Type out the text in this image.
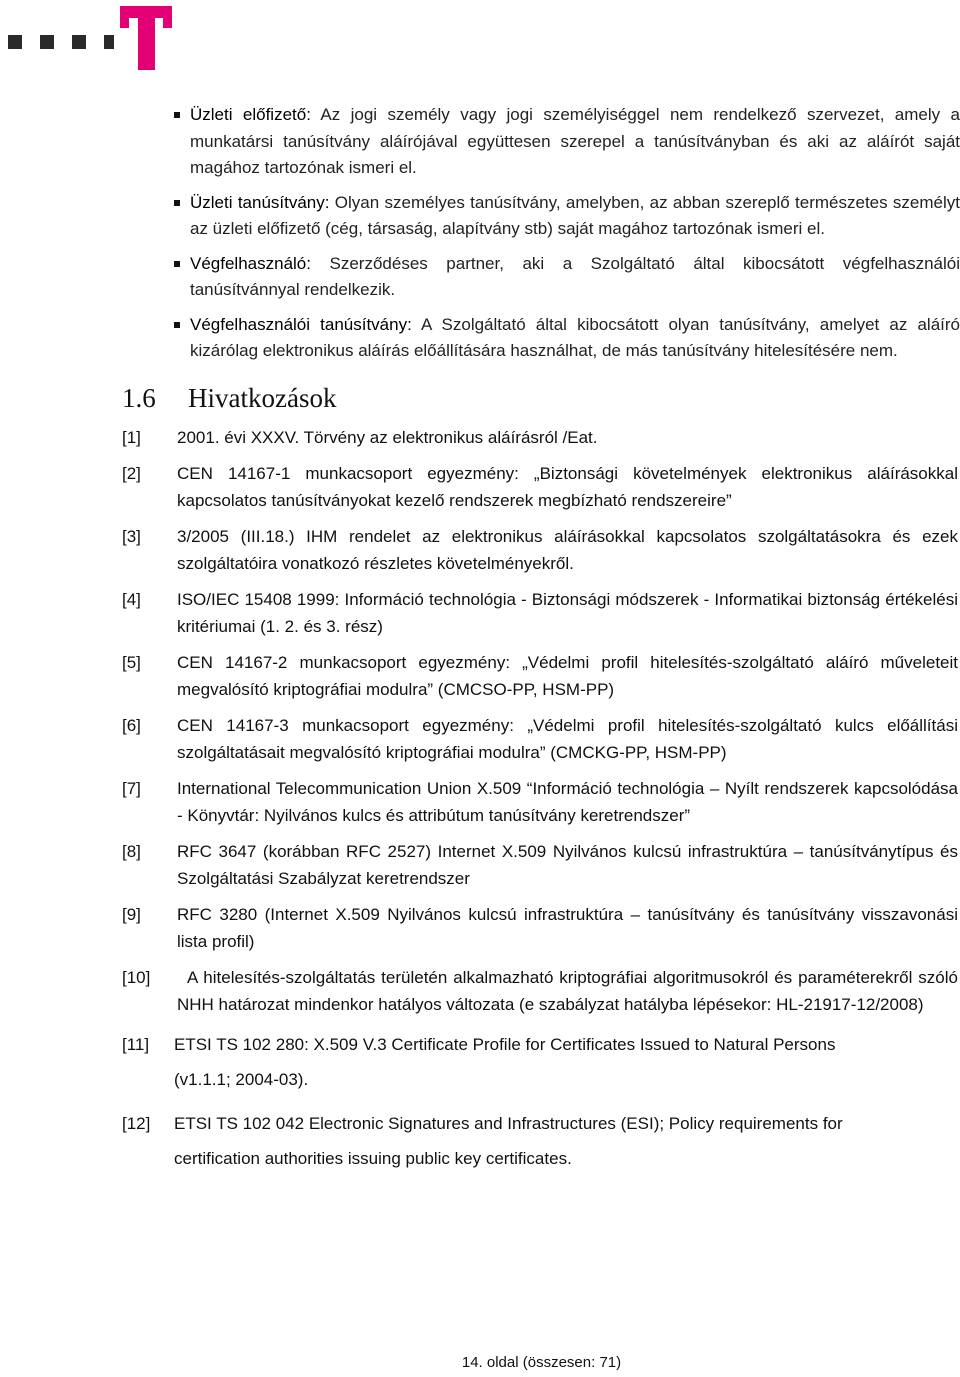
Üzleti előfizető: Az jogi személy vagy jogi személyiséggel nem rendelkező szervezet, amely a munkatársi tanúsítvány aláírójával együttesen szerepel a tanúsítványban és aki az aláírót saját magához tartozónak ismeri el.
Üzleti tanúsítvány: Olyan személyes tanúsítvány, amelyben, az abban szereplő természetes személyt az üzleti előfizető (cég, társaság, alapítvány stb) saját magához tartozónak ismeri el.
Végfelhasználó: Szerződéses partner, aki a Szolgáltató által kibocsátott végfelhasználói tanúsítvánnyal rendelkezik.
Végfelhasználói tanúsítvány: A Szolgáltató által kibocsátott olyan tanúsítvány, amelyet az aláíró kizárólag elektronikus aláírás előállítására használhat, de más tanúsítvány hitelesítésére nem.
1.6 Hivatkozások
[1]	2001. évi XXXV. Törvény az elektronikus aláírásról /Eat.
[2]	CEN 14167-1 munkacsoport egyezmény: „Biztonsági követelmények elektronikus aláírásokkal kapcsolatos tanúsítványokat kezelő rendszerek megbízható rendszereire”
[3]	3/2005 (III.18.) IHM rendelet az elektronikus aláírásokkal kapcsolatos szolgáltatásokra és ezek szolgáltatóira vonatkozó részletes követelményekről.
[4]	ISO/IEC 15408 1999: Információ technológia - Biztonsági módszerek - Informatikai biztonság értékelési kritériumai (1. 2. és 3. rész)
[5]	CEN 14167-2 munkacsoport egyezmény: „Védelmi profil hitelesítés-szolgáltató aláíró műveleteit megvalósító kriptográfiai modulra” (CMCSO-PP, HSM-PP)
[6]	CEN 14167-3 munkacsoport egyezmény: „Védelmi profil hitelesítés-szolgáltató kulcs előállítási szolgáltatásait megvalósító kriptográfiai modulra” (CMCKG-PP, HSM-PP)
[7]	International Telecommunication Union X.509 “Információ technológia – Nyílt rendszerek kapcsolódása - Könyvtár: Nyilvános kulcs és attribútum tanúsítvány keretrendszer”
[8]	RFC 3647 (korábban RFC 2527) Internet X.509 Nyilvános kulcsú infrastruktúra – tanúsítványtípus és Szolgáltatási Szabályzat keretrendszer
[9]	RFC 3280 (Internet X.509 Nyilvános kulcsú infrastruktúra – tanúsítvány és tanúsítvány visszavonási lista profil)
[10]	A hitelesítés-szolgáltatás területén alkalmazható kriptográfiai algoritmusokról és paraméterekről szóló NHH határozat mindenkor hatályos változata (e szabályzat hatályba lépésekor: HL-21917-12/2008)
[11]	ETSI TS 102 280: X.509 V.3 Certificate Profile for Certificates Issued to Natural Persons (v1.1.1; 2004-03).
[12]	ETSI TS 102 042 Electronic Signatures and Infrastructures (ESI); Policy requirements for certification authorities issuing public key certificates.
14. oldal (összesen: 71)
